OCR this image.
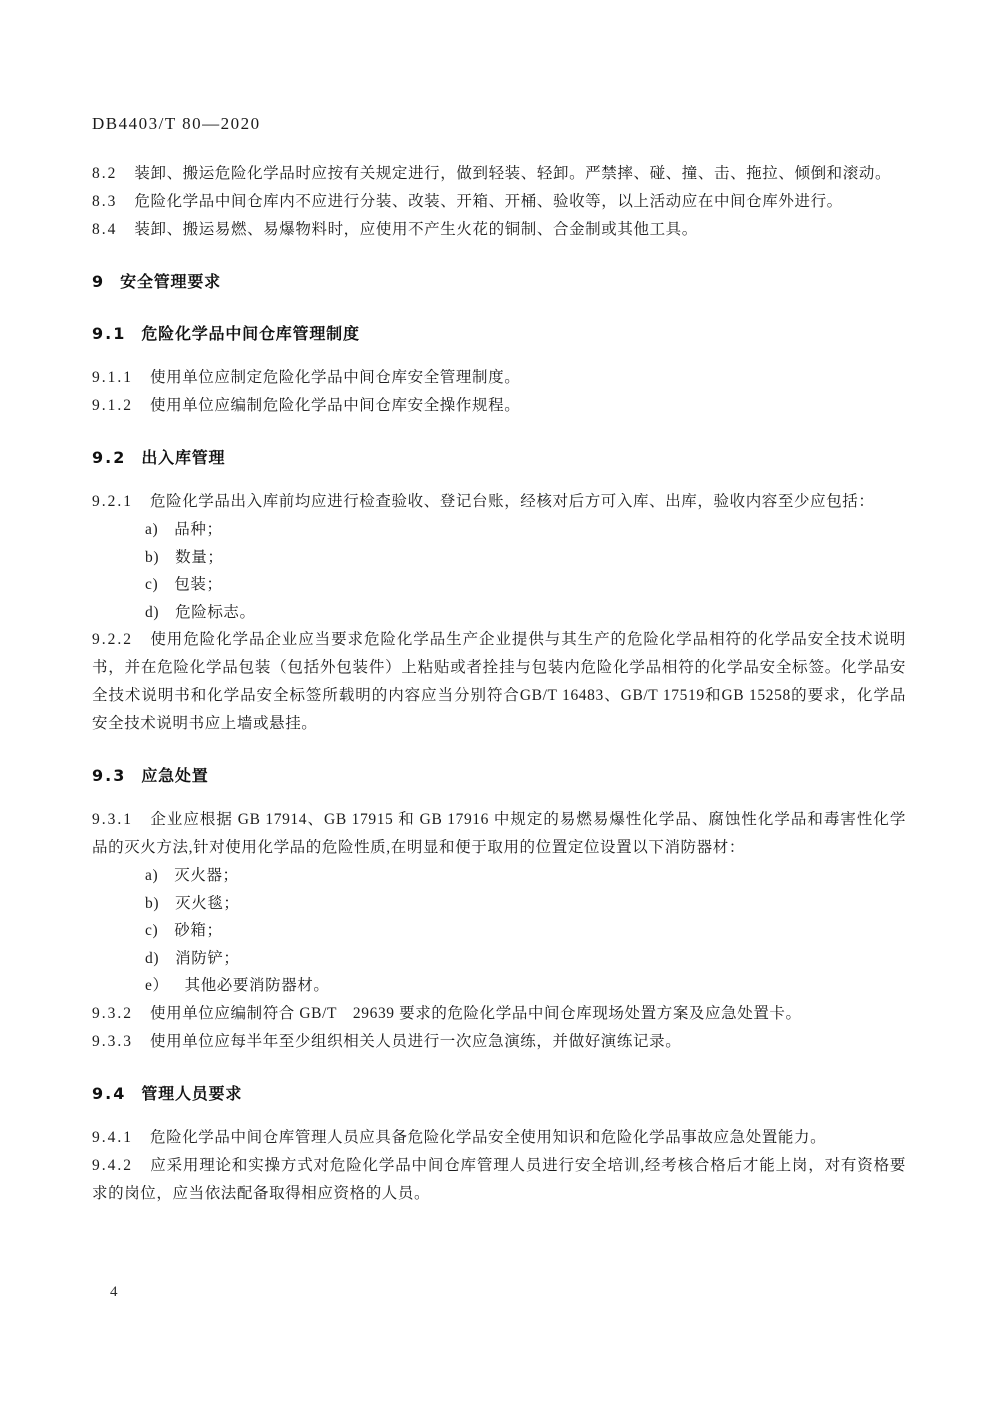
DB4403/T 80—2020

8.2 装卸、搬运危险化学品时应按有关规定进行，做到轻装、轻卸。严禁摔、碰、撞、击、拖拉、倾倒和滚动。

8.3 危险化学品中间仓库内不应进行分装、改装、开箱、开桶、验收等，以上活动应在中间仓库外进行。

8.4 装卸、搬运易燃、易爆物料时，应使用不产生火花的铜制、合金制或其他工具。

9 安全管理要求
9.1 危险化学品中间仓库管理制度

9.1.1 使用单位应制定危险化学品中间仓库安全管理制度。

9.1.2 使用单位应编制危险化学品中间仓库安全操作规程。

9.2 出入库管理

9.2.1 危险化学品出入库前均应进行检查验收、登记台账，经核对后方可入库、出库，验收内容至少应包括：

a) 品种；

b) 数量；

c) 包装；

d) 危险标志。

9.2.2 使用危险化学品企业应当要求危险化学品生产企业提供与其生产的危险化学品相符的化学品安全技术说明书，并在危险化学品包装（包括外包装件）上粘贴或者拴挂与包装内危险化学品相符的化学品安全标签。化学品安全技术说明书和化学品安全标签所载明的内容应当分别符合GB/T 16483、GB/T 17519和GB 15258的要求，化学品安全技术说明书应上墙或悬挂。

9.3 应急处置

9.3.1 企业应根据 GB 17914、GB 17915 和 GB 17916 中规定的易燃易爆性化学品、腐蚀性化学品和毒害性化学品的灭火方法,针对使用化学品的危险性质,在明显和便于取用的位置定位设置以下消防器材：

a) 灭火器；

b) 灭火毯；

c) 砂箱；

d) 消防铲；

e） 其他必要消防器材。

9.3.2 使用单位应编制符合 GB/T　29639 要求的危险化学品中间仓库现场处置方案及应急处置卡。

9.3.3 使用单位应每半年至少组织相关人员进行一次应急演练，并做好演练记录。

9.4 管理人员要求

9.4.1 危险化学品中间仓库管理人员应具备危险化学品安全使用知识和危险化学品事故应急处置能力。

9.4.2 应采用理论和实操方式对危险化学品中间仓库管理人员进行安全培训,经考核合格后才能上岗，对有资格要求的岗位，应当依法配备取得相应资格的人员。

4
